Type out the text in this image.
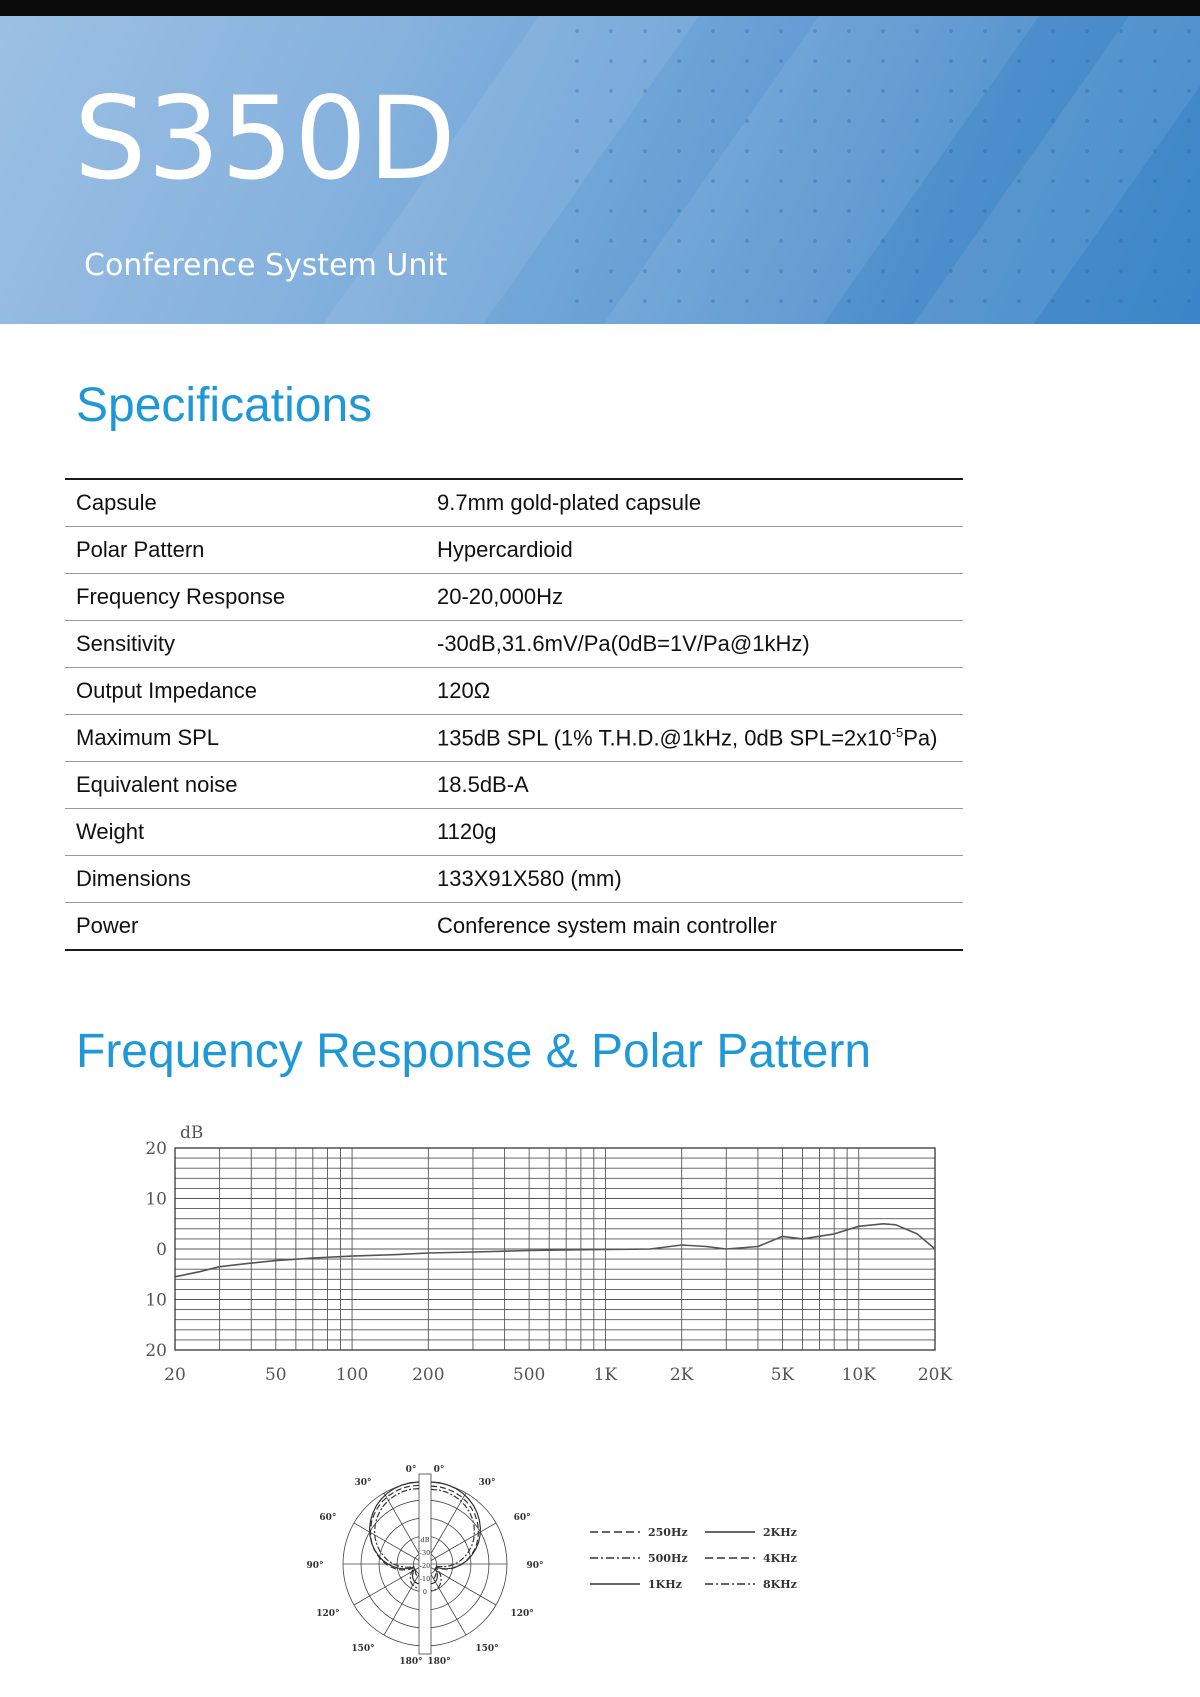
S350D
Conference System Unit
Specifications
Capsule	9.7mm gold-plated capsule
Polar Pattern	Hypercardioid
Frequency Response	20-20,000Hz
Sensitivity	-30dB,31.6mV/Pa(0dB=1V/Pa@1kHz)
Output Impedance	120Ω
Maximum SPL	135dB SPL (1% T.H.D.@1kHz, 0dB $SPL=2x10^{-5}Pa$)
Equivalent noise	18.5dB-A
Weight	1120g
Dimensions	133X91X580 (mm)
Power	Conference system main controller
Frequency Response & Polar Pattern
20
10
0
10
20
20	50	100	200	500	1K	2K	5K	10K 20K
dB
0° 0°
30°	30°
60°	60°
90°	90°
120°	120°
150°	150°
180° 180°
dB
-30
-20
-10
0
250Hz	2KHz
500Hz	4KHz
1KHz	8KHz
